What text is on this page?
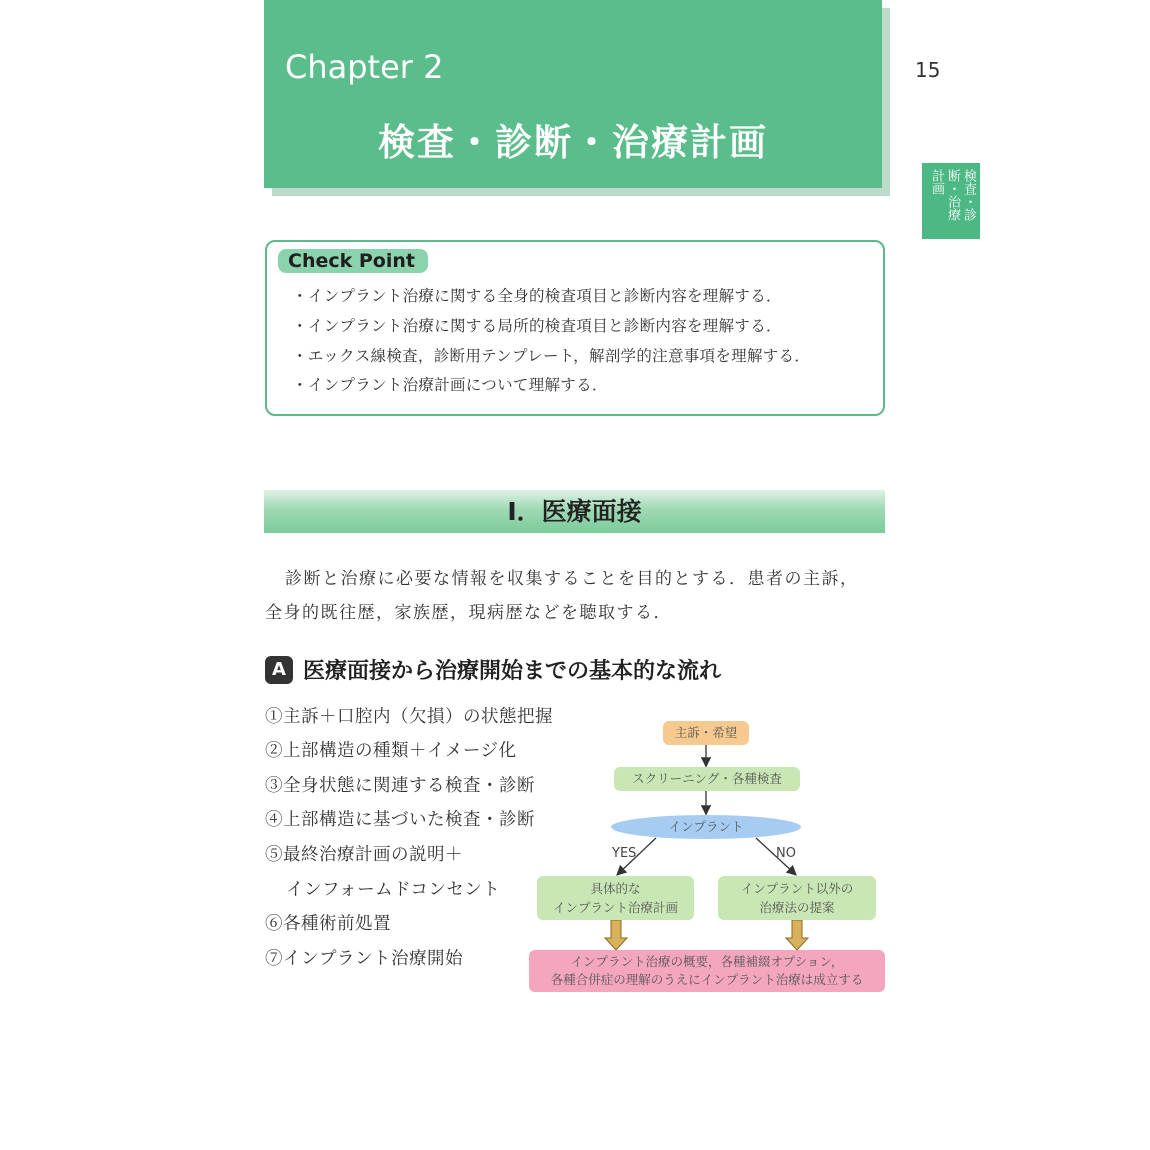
Chapter 2
検査・診断・治療計画
15
検査・診断・治療計画
Check Point
・インプラント治療に関する全身的検査項目と診断内容を理解する．
・インプラント治療に関する局所的検査項目と診断内容を理解する．
・エックス線検査，診断用テンプレート，解剖学的注意事項を理解する．
・インプラント治療計画について理解する．
Ⅰ．医療面接
診断と治療に必要な情報を収集することを目的とする．患者の主訴，
全身的既往歴，家族歴，現病歴などを聴取する．
A 医療面接から治療開始までの基本的な流れ
①主訴＋口腔内（欠損）の状態把握
②上部構造の種類＋イメージ化
③全身状態に関連する検査・診断
④上部構造に基づいた検査・診断
⑤最終治療計画の説明＋
インフォームドコンセント
⑥各種術前処置
⑦インプラント治療開始
主訴・希望
スクリーニング・各種検査
インプラント
YES	NO
具体的な
インプラント治療計画
インプラント以外の
治療法の提案
インプラント治療の概要，各種補綴オプション，
各種合併症の理解のうえにインプラント治療は成立する
